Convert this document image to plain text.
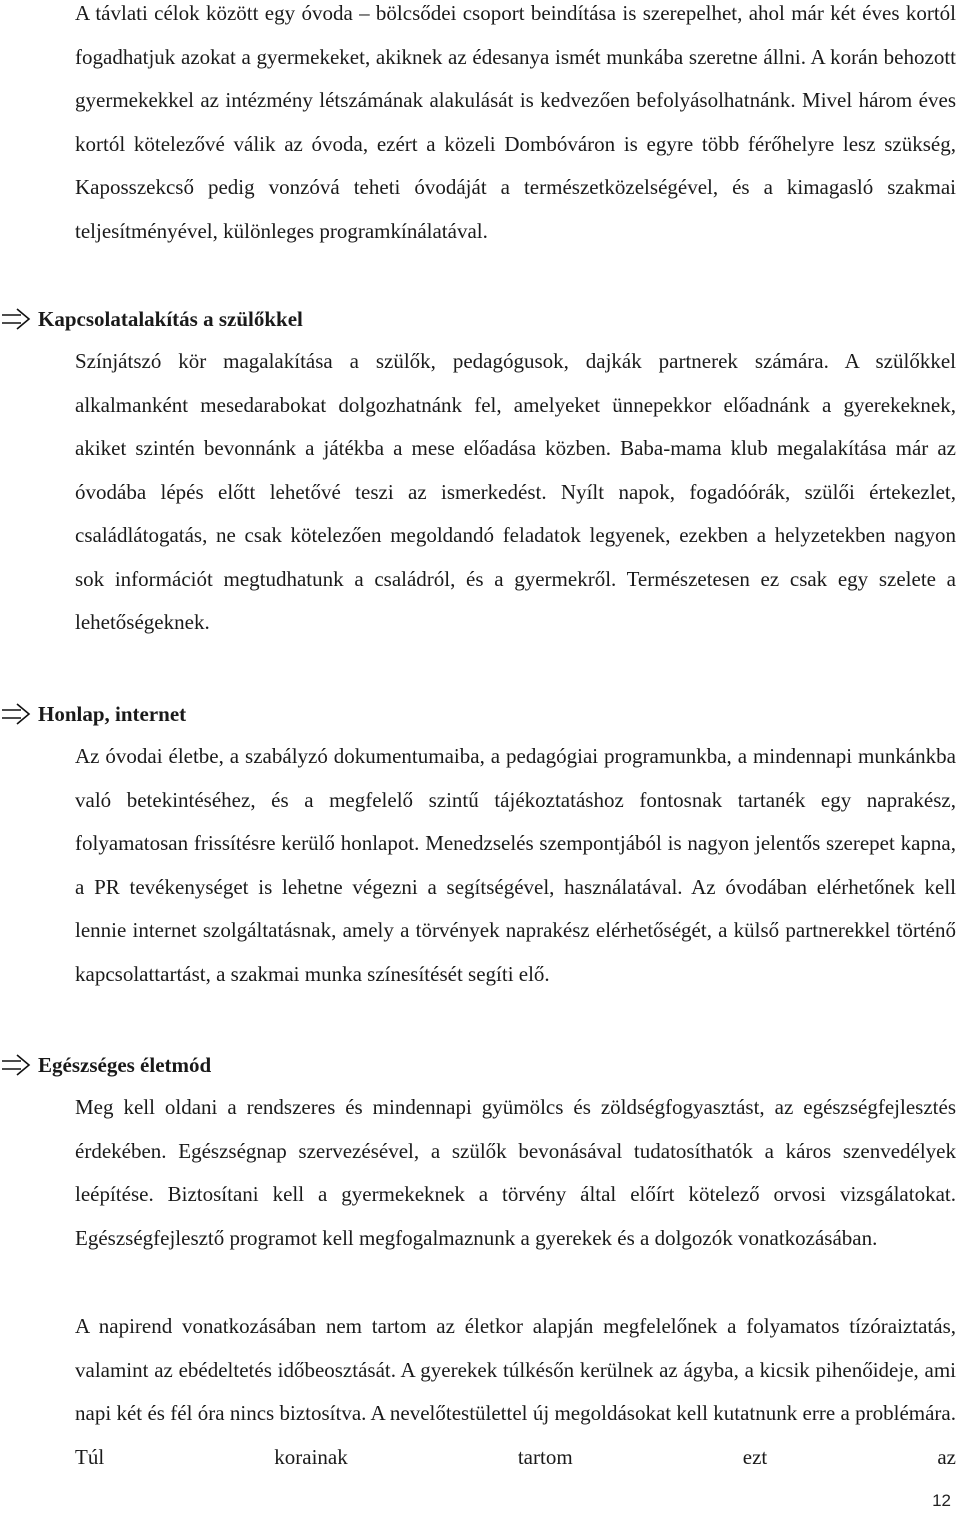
A távlati célok között egy óvoda – bölcsődei csoport beindítása is szerepelhet, ahol már két éves kortól fogadhatjuk azokat a gyermekeket, akiknek az édesanya ismét munkába szeretne állni. A korán behozott gyermekekkel az intézmény létszámának alakulását is kedvezően befolyásolhatnánk. Mivel három éves kortól kötelezővé válik az óvoda, ezért a közeli Dombóváron is egyre több férőhelyre lesz szükség, Kaposszekcső pedig vonzóvá teheti óvodáját a természetközelségével, és a kimagasló szakmai teljesítményével, különleges programkínálatával.

Kapcsolatalakítás a szülőkkel

Színjátszó kör magalakítása a szülők, pedagógusok, dajkák partnerek számára. A szülőkkel alkalmanként mesedarabokat dolgozhatnánk fel, amelyeket ünnepekkor előadnánk a gyerekeknek, akiket szintén bevonnánk a játékba a mese előadása közben. Baba-mama klub megalakítása már az óvodába lépés előtt lehetővé teszi az ismerkedést. Nyílt napok, fogadóórák, szülői értekezlet, családlátogatás, ne csak kötelezően megoldandó feladatok legyenek, ezekben a helyzetekben nagyon sok információt megtudhatunk a családról, és a gyermekről. Természetesen ez csak egy szelete a lehetőségeknek.

Honlap, internet

Az óvodai életbe, a szabályzó dokumentumaiba, a pedagógiai programunkba, a mindennapi munkánkba való betekintéséhez, és a megfelelő szintű tájékoztatáshoz fontosnak tartanék egy naprakész, folyamatosan frissítésre kerülő honlapot. Menedzselés szempontjából is nagyon jelentős szerepet kapna, a PR tevékenységet is lehetne végezni a segítségével, használatával. Az óvodában elérhetőnek kell lennie internet szolgáltatásnak, amely a törvények naprakész elérhetőségét, a külső partnerekkel történő kapcsolattartást, a szakmai munka színesítését segíti elő.

Egészséges életmód

Meg kell oldani a rendszeres és mindennapi gyümölcs és zöldségfogyasztást, az egészségfejlesztés érdekében. Egészségnap szervezésével, a szülők bevonásával tudatosíthatók a káros szenvedélyek leépítése. Biztosítani kell a gyermekeknek a törvény által előírt kötelező orvosi vizsgálatokat. Egészségfejlesztő programot kell megfogalmaznunk a gyerekek és a dolgozók vonatkozásában.

A napirend vonatkozásában nem tartom az életkor alapján megfelelőnek a folyamatos tízóraiztatás, valamint az ebédeltetés időbeosztását. A gyerekek túlkésőn kerülnek az ágyba, a kicsik pihenőideje, ami napi két és fél óra nincs biztosítva. A nevelőtestülettel új megoldásokat kell kutatnunk erre a problémára. Túl korainak tartom ezt az

12
